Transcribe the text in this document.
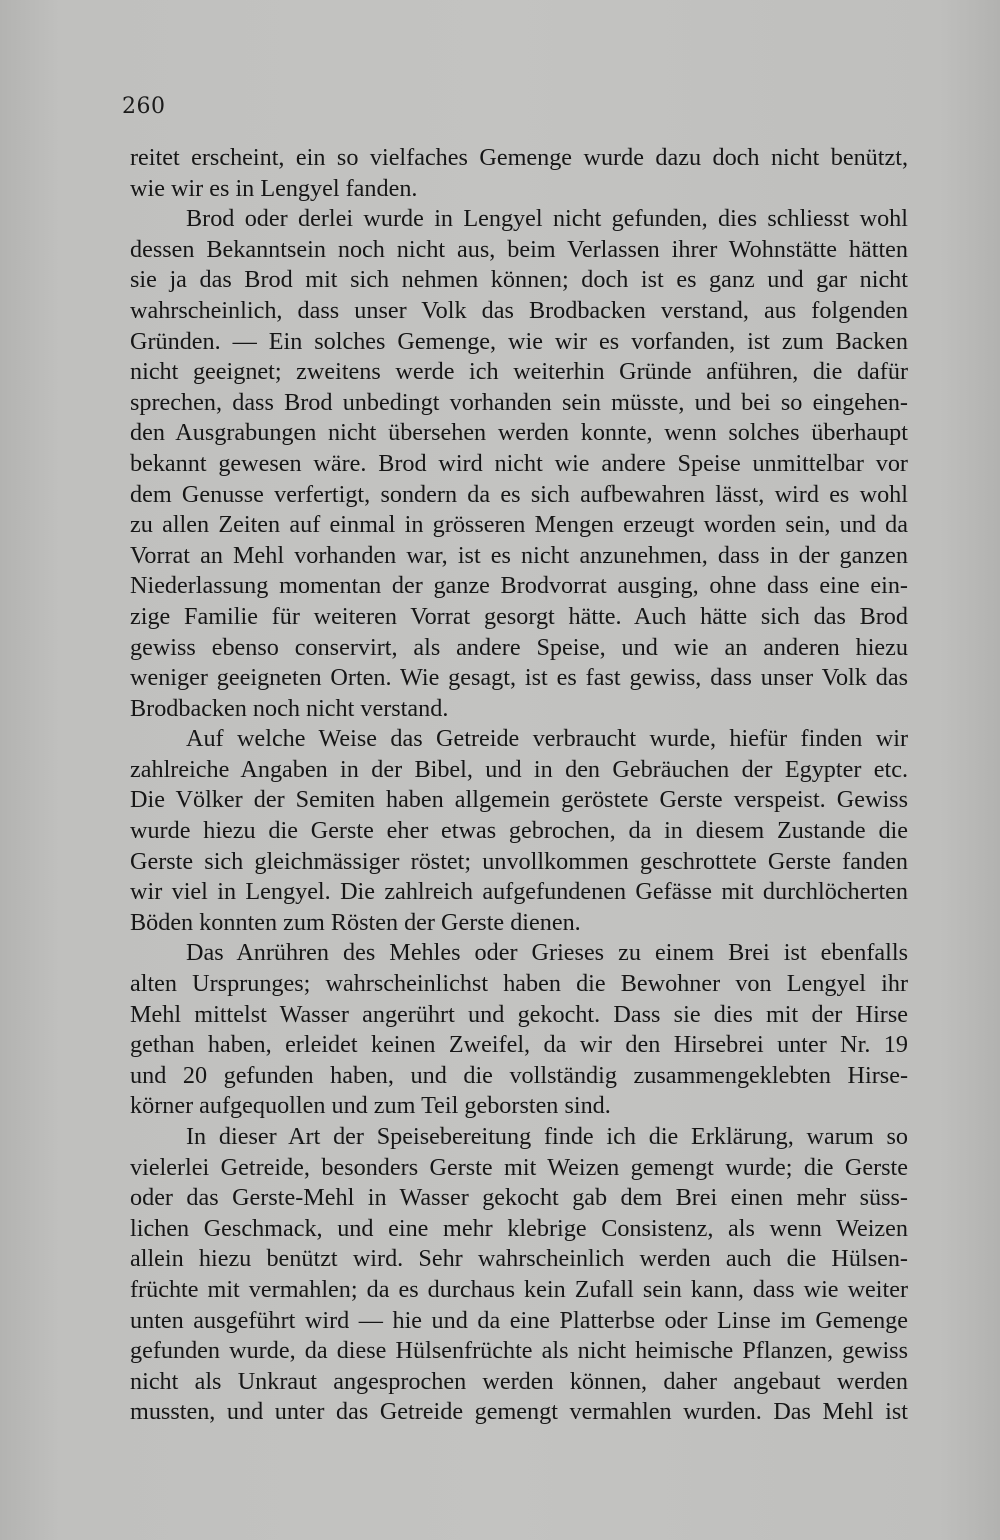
260
reitet erscheint, ein so vielfaches Gemenge wurde dazu doch nicht benützt,
wie wir es in Lengyel fanden.
Brod oder derlei wurde in Lengyel nicht gefunden, dies schliesst wohl
dessen Bekanntsein noch nicht aus, beim Verlassen ihrer Wohnstätte hätten
sie ja das Brod mit sich nehmen können; doch ist es ganz und gar nicht
wahrscheinlich, dass unser Volk das Brodbacken verstand, aus folgenden
Gründen. — Ein solches Gemenge, wie wir es vorfanden, ist zum Backen
nicht geeignet; zweitens werde ich weiterhin Gründe anführen, die dafür
sprechen, dass Brod unbedingt vorhanden sein müsste, und bei so eingehen-
den Ausgrabungen nicht übersehen werden konnte, wenn solches überhaupt
bekannt gewesen wäre. Brod wird nicht wie andere Speise unmittelbar vor
dem Genusse verfertigt, sondern da es sich aufbewahren lässt, wird es wohl
zu allen Zeiten auf einmal in grösseren Mengen erzeugt worden sein, und da
Vorrat an Mehl vorhanden war, ist es nicht anzunehmen, dass in der ganzen
Niederlassung momentan der ganze Brodvorrat ausging, ohne dass eine ein-
zige Familie für weiteren Vorrat gesorgt hätte. Auch hätte sich das Brod
gewiss ebenso conservirt, als andere Speise, und wie an anderen hiezu
weniger geeigneten Orten. Wie gesagt, ist es fast gewiss, dass unser Volk das
Brodbacken noch nicht verstand.
Auf welche Weise das Getreide verbraucht wurde, hiefür finden wir
zahlreiche Angaben in der Bibel, und in den Gebräuchen der Egypter etc.
Die Völker der Semiten haben allgemein geröstete Gerste verspeist. Gewiss
wurde hiezu die Gerste eher etwas gebrochen, da in diesem Zustande die
Gerste sich gleichmässiger röstet; unvollkommen geschrottete Gerste fanden
wir viel in Lengyel. Die zahlreich aufgefundenen Gefässe mit durchlöcherten
Böden konnten zum Rösten der Gerste dienen.
Das Anrühren des Mehles oder Grieses zu einem Brei ist ebenfalls
alten Ursprunges; wahrscheinlichst haben die Bewohner von Lengyel ihr
Mehl mittelst Wasser angerührt und gekocht. Dass sie dies mit der Hirse
gethan haben, erleidet keinen Zweifel, da wir den Hirsebrei unter Nr. 19
und 20 gefunden haben, und die vollständig zusammengeklebten Hirse-
körner aufgequollen und zum Teil geborsten sind.
In dieser Art der Speisebereitung finde ich die Erklärung, warum so
vielerlei Getreide, besonders Gerste mit Weizen gemengt wurde; die Gerste
oder das Gerste-Mehl in Wasser gekocht gab dem Brei einen mehr süss-
lichen Geschmack, und eine mehr klebrige Consistenz, als wenn Weizen
allein hiezu benützt wird. Sehr wahrscheinlich werden auch die Hülsen-
früchte mit vermahlen; da es durchaus kein Zufall sein kann, dass wie weiter
unten ausgeführt wird — hie und da eine Platterbse oder Linse im Gemenge
gefunden wurde, da diese Hülsenfrüchte als nicht heimische Pflanzen, gewiss
nicht als Unkraut angesprochen werden können, daher angebaut werden
mussten, und unter das Getreide gemengt vermahlen wurden. Das Mehl ist
